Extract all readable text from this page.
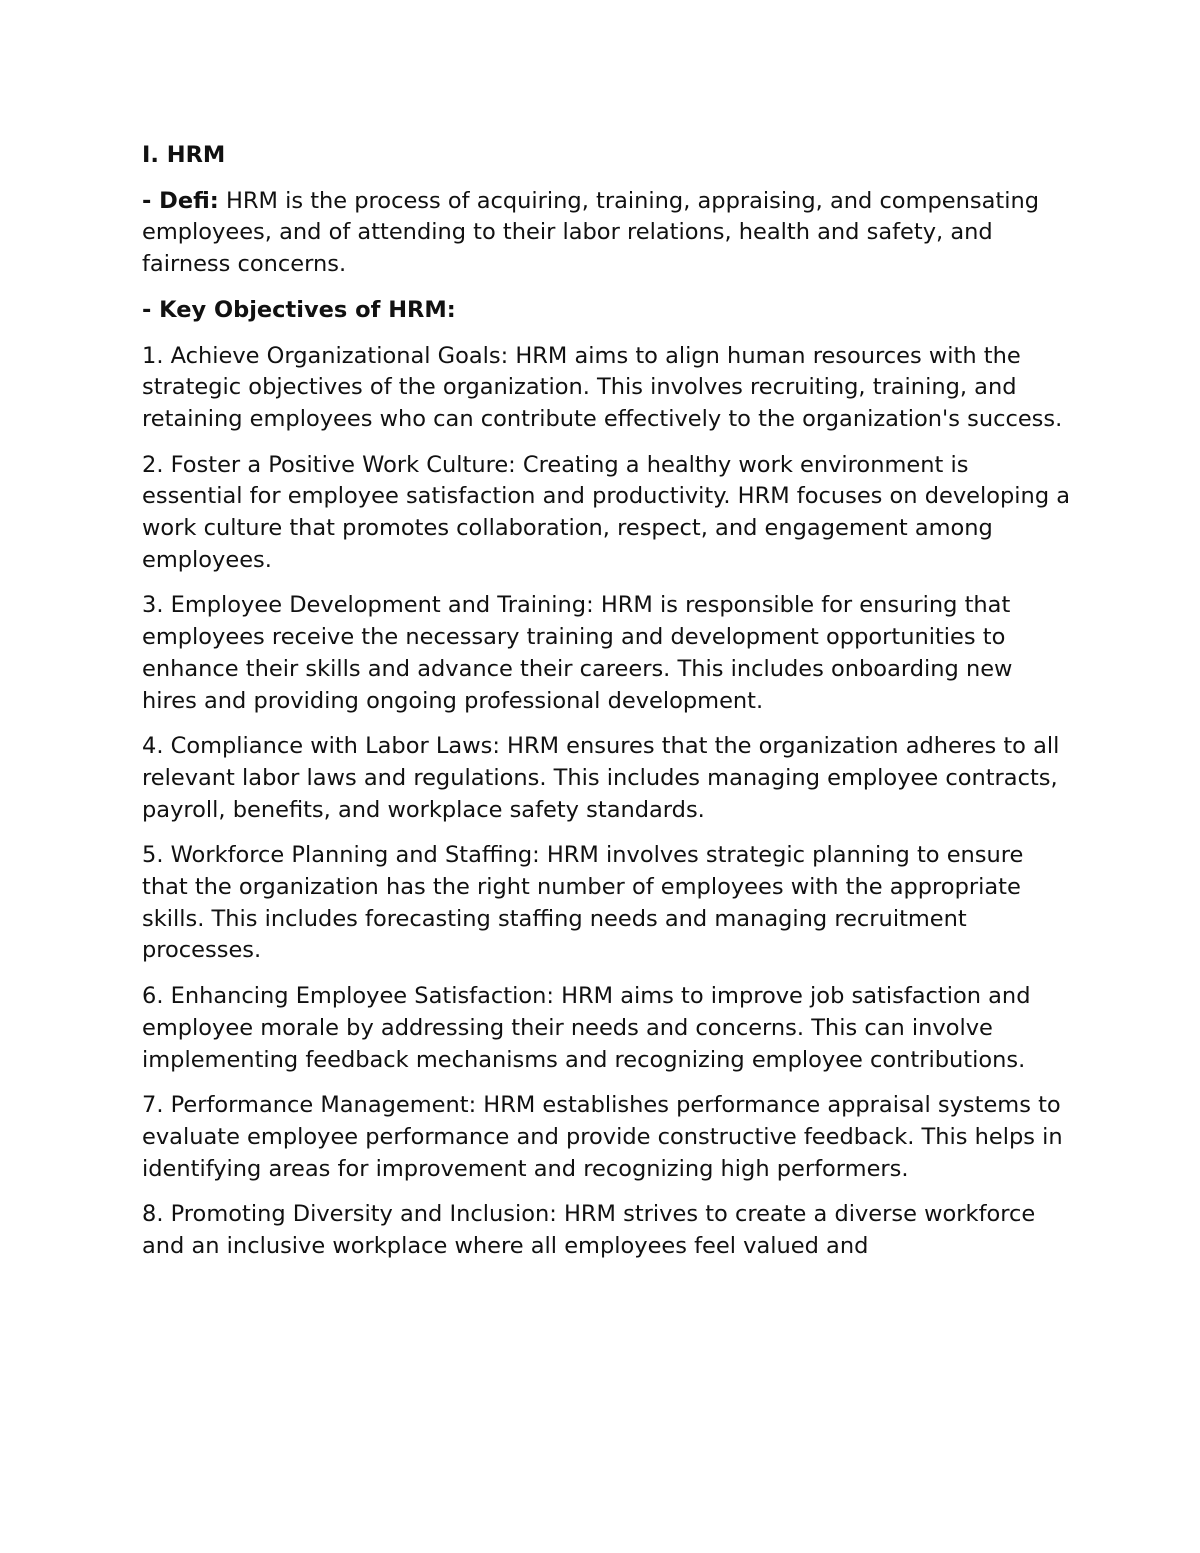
I. HRM

- Defi: HRM is the process of acquiring, training, appraising, and compensating employees, and of attending to their labor relations, health and safety, and fairness concerns.

- Key Objectives of HRM:

1. Achieve Organizational Goals: HRM aims to align human resources with the strategic objectives of the organization. This involves recruiting, training, and retaining employees who can contribute effectively to the organization's success.

2. Foster a Positive Work Culture: Creating a healthy work environment is essential for employee satisfaction and productivity. HRM focuses on developing a work culture that promotes collaboration, respect, and engagement among employees.

3. Employee Development and Training: HRM is responsible for ensuring that employees receive the necessary training and development opportunities to enhance their skills and advance their careers. This includes onboarding new hires and providing ongoing professional development.

4. Compliance with Labor Laws: HRM ensures that the organization adheres to all relevant labor laws and regulations. This includes managing employee contracts, payroll, benefits, and workplace safety standards.

5. Workforce Planning and Staffing: HRM involves strategic planning to ensure that the organization has the right number of employees with the appropriate skills. This includes forecasting staffing needs and managing recruitment processes.

6. Enhancing Employee Satisfaction: HRM aims to improve job satisfaction and employee morale by addressing their needs and concerns. This can involve implementing feedback mechanisms and recognizing employee contributions.

7. Performance Management: HRM establishes performance appraisal systems to evaluate employee performance and provide constructive feedback. This helps in identifying areas for improvement and recognizing high performers.

8. Promoting Diversity and Inclusion: HRM strives to create a diverse workforce and an inclusive workplace where all employees feel valued and
